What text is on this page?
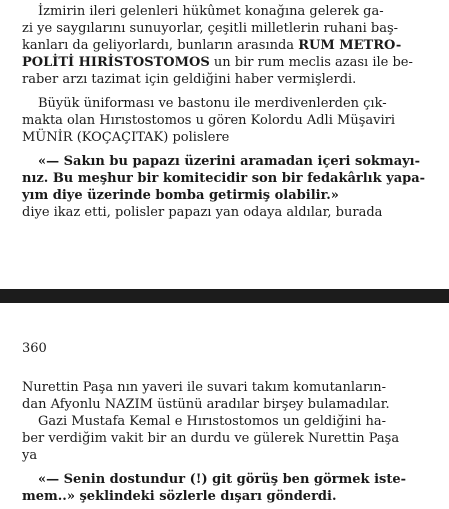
İzmirin ileri gelenleri hükûmet konağına gelerek ga-
zi ye saygılarını sunuyorlar, çeşitli milletlerin ruhani baş-
kanları da geliyorlardı, bunların arasında RUM METRO-
POLİTİ HIRİSTOSTOMOS un bir rum meclis azası ile be-
raber arzı tazimat için geldiğini haber vermişlerdi.
Büyük üniforması ve bastonu ile merdivenlerden çık-
makta olan Hırıstostomos u gören Kolordu Adli Müşaviri
MÜNİR (KOÇAÇITAK) polislere
«— Sakın bu papazı üzerini aramadan içeri sokmayı-
nız. Bu meşhur bir komitecidir son bir fedakârlık yapa-
yım diye üzerinde bomba getirmiş olabilir.»
diye ikaz etti, polisler papazı yan odaya aldılar, burada
360
Nurettin Paşa nın yaveri ile suvari takım komutanların-
dan Afyonlu NAZIM üstünü aradılar birşey bulamadılar.
Gazi Mustafa Kemal e Hırıstostomos un geldiğini ha-
ber verdiğim vakit bir an durdu ve gülerek Nurettin Paşa
ya
«— Senin dostundur (!) git görüş ben görmek iste-
mem..» şeklindeki sözlerle dışarı gönderdi.
